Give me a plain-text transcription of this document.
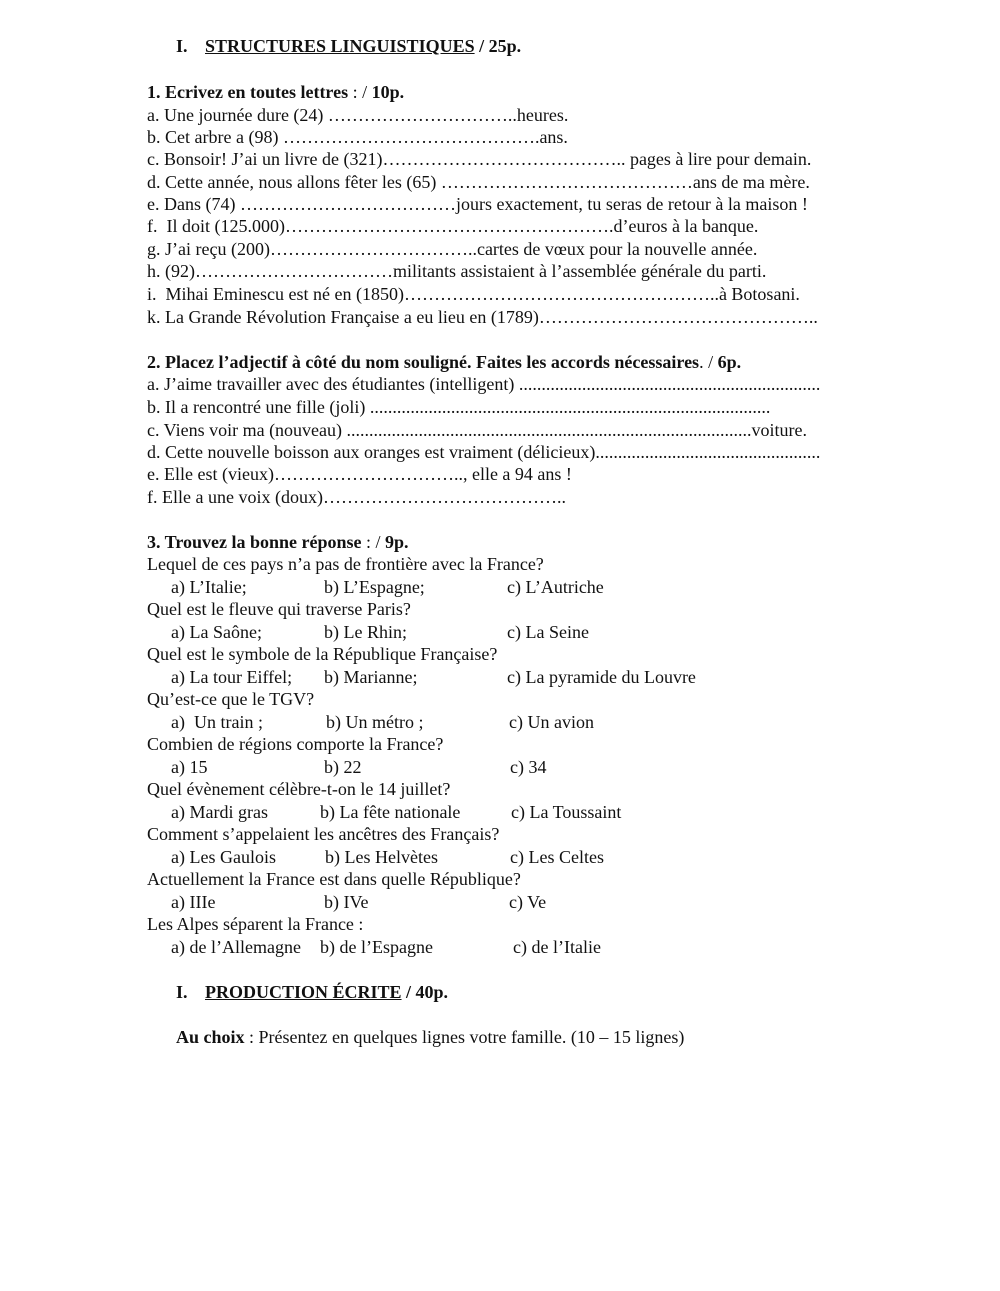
I. STRUCTURES LINGUISTIQUES / 25p.
1. Ecrivez en toutes lettres : / 10p.
a. Une journée dure (24) …………………………..heures.
b. Cet arbre a (98) …………………………………….ans.
c. Bonsoir! J’ai un livre de (321)………………………………….. pages à lire pour demain.
d. Cette année, nous allons fêter les (65) ……………………………………ans de ma mère.
e. Dans (74) ………………………………jours exactement, tu seras de retour à la maison !
f.  Il doit (125.000)……………………………………………….d’euros à la banque.
g. J’ai reçu (200)……………………………..cartes de vœux pour la nouvelle année.
h. (92)……………………………militants assistaient à l’assemblée générale du parti.
i.  Mihai Eminescu est né en (1850)……………………………………………..à Botosani.
k. La Grande Révolution Française a eu lieu en (1789)………………………………………..
2. Placez l’adjectif à côté du nom souligné. Faites les accords nécessaires. / 6p.
a. J’aime travailler avec des étudiantes (intelligent) ...................................................................
b. Il a rencontré une fille (joli) .........................................................................................
c. Viens voir ma (nouveau) ..........................................................................................voiture.
d. Cette nouvelle boisson aux oranges est vraiment (délicieux)..................................................
e. Elle est (vieux)………………………….., elle a 94 ans !
f. Elle a une voix (doux)…………………………………..
3. Trouvez la bonne réponse : / 9p.
Lequel de ces pays n’a pas de frontière avec la France?
a) L’Italie;	b) L’Espagne;	c) L’Autriche
Quel est le fleuve qui traverse Paris?
a) La Saône;	b) Le Rhin;	c) La Seine
Quel est le symbole de la République Française?
a) La tour Eiffel; b) Marianne;	c) La pyramide du Louvre
Qu’est-ce que le TGV?
a)  Un train ;	b) Un métro ;	c) Un avion
Combien de régions comporte la France?
a) 15	b) 22	c) 34
Quel évènement célèbre-t-on le 14 juillet?
a) Mardi gras	b) La fête nationale	c) La Toussaint
Comment s’appelaient les ancêtres des Français?
a) Les Gaulois	b) Les Helvètes	c) Les Celtes
Actuellement la France est dans quelle République?
a) IIIe	b) IVe	c) Ve
Les Alpes séparent la France :
a) de l’Allemagne b) de l’Espagne	c) de l’Italie
I. PRODUCTION ÉCRITE / 40p.
Au choix : Présentez en quelques lignes votre famille. (10 – 15 lignes)
